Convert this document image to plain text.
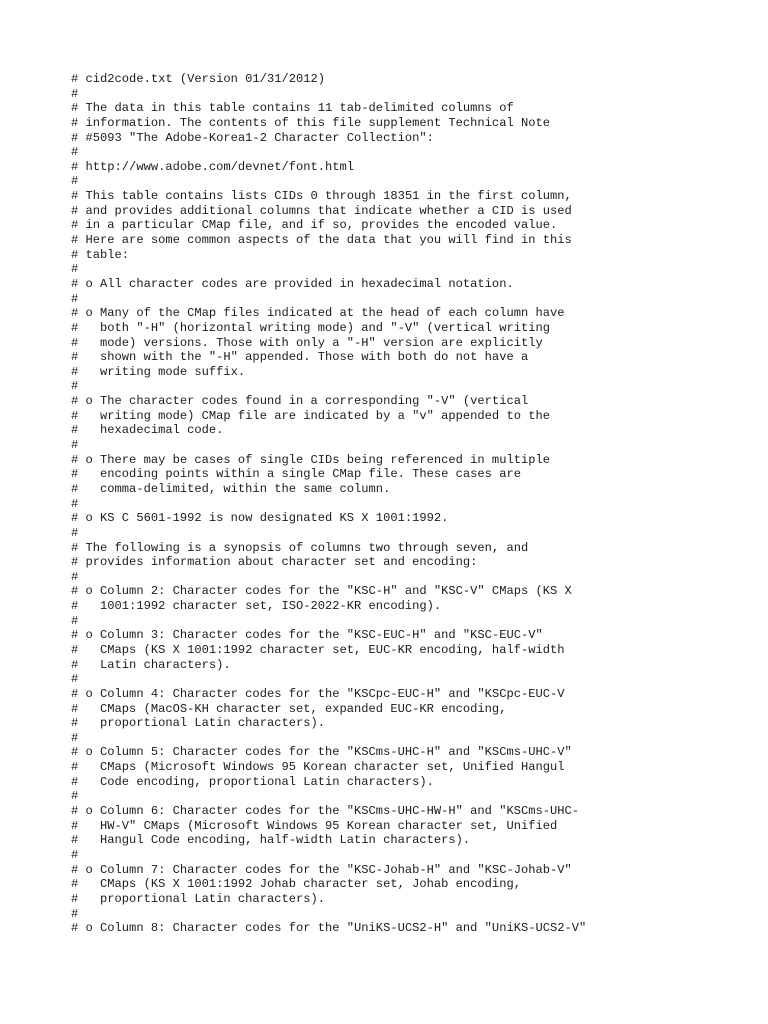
# cid2code.txt (Version 01/31/2012)
#
# The data in this table contains 11 tab-delimited columns of
# information. The contents of this file supplement Technical Note
# #5093 "The Adobe-Korea1-2 Character Collection":
#
# http://www.adobe.com/devnet/font.html
#
# This table contains lists CIDs 0 through 18351 in the first column,
# and provides additional columns that indicate whether a CID is used
# in a particular CMap file, and if so, provides the encoded value.
# Here are some common aspects of the data that you will find in this
# table:
#
# o All character codes are provided in hexadecimal notation.
#
# o Many of the CMap files indicated at the head of each column have
#   both "-H" (horizontal writing mode) and "-V" (vertical writing
#   mode) versions. Those with only a "-H" version are explicitly
#   shown with the "-H" appended. Those with both do not have a
#   writing mode suffix.
#
# o The character codes found in a corresponding "-V" (vertical
#   writing mode) CMap file are indicated by a "v" appended to the
#   hexadecimal code.
#
# o There may be cases of single CIDs being referenced in multiple
#   encoding points within a single CMap file. These cases are
#   comma-delimited, within the same column.
#
# o KS C 5601-1992 is now designated KS X 1001:1992.
#
# The following is a synopsis of columns two through seven, and
# provides information about character set and encoding:
#
# o Column 2: Character codes for the "KSC-H" and "KSC-V" CMaps (KS X
#   1001:1992 character set, ISO-2022-KR encoding).
#
# o Column 3: Character codes for the "KSC-EUC-H" and "KSC-EUC-V"
#   CMaps (KS X 1001:1992 character set, EUC-KR encoding, half-width
#   Latin characters).
#
# o Column 4: Character codes for the "KSCpc-EUC-H" and "KSCpc-EUC-V
#   CMaps (MacOS-KH character set, expanded EUC-KR encoding,
#   proportional Latin characters).
#
# o Column 5: Character codes for the "KSCms-UHC-H" and "KSCms-UHC-V"
#   CMaps (Microsoft Windows 95 Korean character set, Unified Hangul
#   Code encoding, proportional Latin characters).
#
# o Column 6: Character codes for the "KSCms-UHC-HW-H" and "KSCms-UHC-
#   HW-V" CMaps (Microsoft Windows 95 Korean character set, Unified
#   Hangul Code encoding, half-width Latin characters).
#
# o Column 7: Character codes for the "KSC-Johab-H" and "KSC-Johab-V"
#   CMaps (KS X 1001:1992 Johab character set, Johab encoding,
#   proportional Latin characters).
#
# o Column 8: Character codes for the "UniKS-UCS2-H" and "UniKS-UCS2-V"
